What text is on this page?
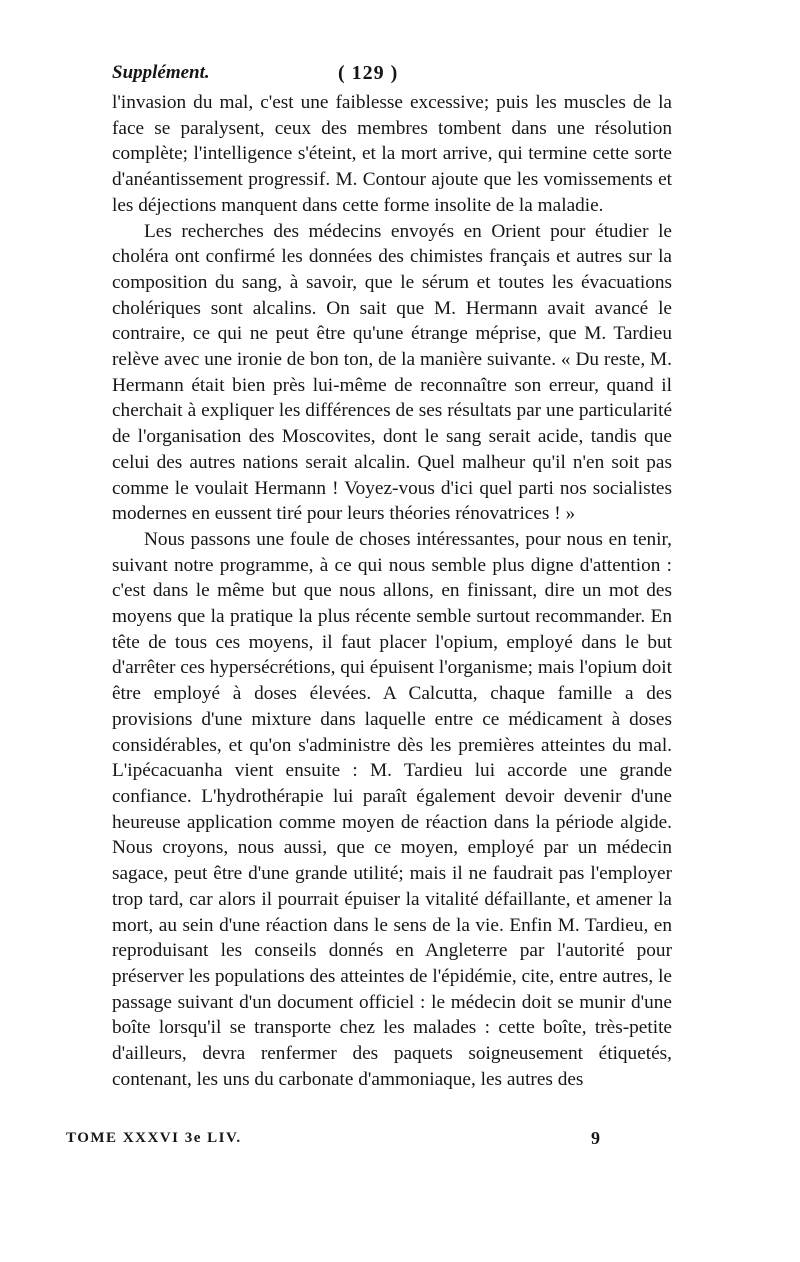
Supplément.	( 129 )

l'invasion du mal, c'est une faiblesse excessive; puis les muscles de la face se paralysent, ceux des membres tombent dans une résolution complète; l'intelligence s'éteint, et la mort arrive, qui termine cette sorte d'anéantissement progressif. M. Contour ajoute que les vomissements et les déjections manquent dans cette forme insolite de la maladie.

Les recherches des médecins envoyés en Orient pour étudier le choléra ont confirmé les données des chimistes français et autres sur la composition du sang, à savoir, que le sérum et toutes les évacuations cholériques sont alcalins. On sait que M. Hermann avait avancé le contraire, ce qui ne peut être qu'une étrange méprise, que M. Tardieu relève avec une ironie de bon ton, de la manière suivante. « Du reste, M. Hermann était bien près lui-même de reconnaître son erreur, quand il cherchait à expliquer les différences de ses résultats par une particularité de l'organisation des Moscovites, dont le sang serait acide, tandis que celui des autres nations serait alcalin. Quel malheur qu'il n'en soit pas comme le voulait Hermann ! Voyez-vous d'ici quel parti nos socialistes modernes en eussent tiré pour leurs théories rénovatrices ! »

Nous passons une foule de choses intéressantes, pour nous en tenir, suivant notre programme, à ce qui nous semble plus digne d'attention : c'est dans le même but que nous allons, en finissant, dire un mot des moyens que la pratique la plus récente semble surtout recommander. En tête de tous ces moyens, il faut placer l'opium, employé dans le but d'arrêter ces hypersécrétions, qui épuisent l'organisme; mais l'opium doit être employé à doses élevées. A Calcutta, chaque famille a des provisions d'une mixture dans laquelle entre ce médicament à doses considérables, et qu'on s'administre dès les premières atteintes du mal. L'ipécacuanha vient ensuite : M. Tardieu lui accorde une grande confiance. L'hydrothérapie lui paraît également devoir devenir d'une heureuse application comme moyen de réaction dans la période algide. Nous croyons, nous aussi, que ce moyen, employé par un médecin sagace, peut être d'une grande utilité; mais il ne faudrait pas l'employer trop tard, car alors il pourrait épuiser la vitalité défaillante, et amener la mort, au sein d'une réaction dans le sens de la vie. Enfin M. Tardieu, en reproduisant les conseils donnés en Angleterre par l'autorité pour préserver les populations des atteintes de l'épidémie, cite, entre autres, le passage suivant d'un document officiel : le médecin doit se munir d'une boîte lorsqu'il se transporte chez les malades : cette boîte, très-petite d'ailleurs, devra renfermer des paquets soigneusement étiquetés, contenant, les uns du carbonate d'ammoniaque, les autres des

TOME XXXVI 3e LIV.	9
